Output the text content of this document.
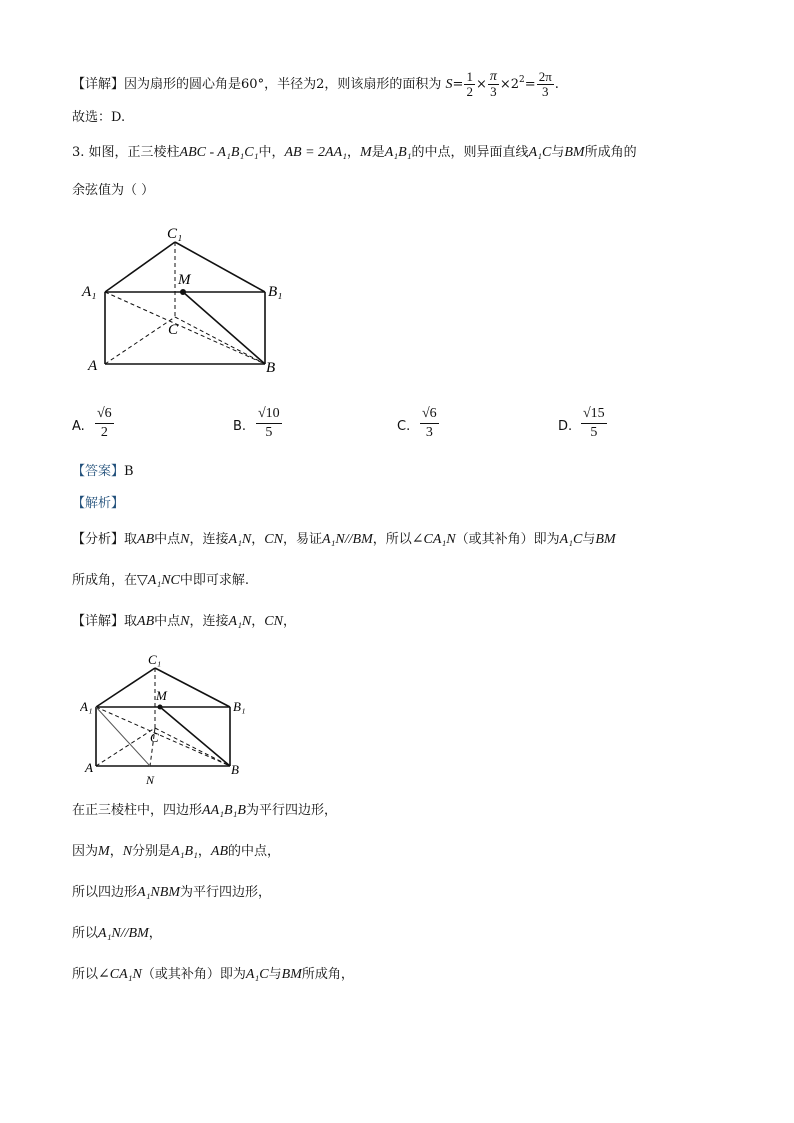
【详解】因为扇形的圆心角是60°，半径为2，则该扇形的面积为 $S= \frac{1}{2} \times \frac{\pi}{3} \times 2^2= \frac{2\pi}{3}$ .
故选：D.
3. 如图，正三棱柱ABC - A₁B₁C₁中，AB = 2AA₁，M是A₁B₁的中点，则异面直线A₁C与BM所成角的
余弦值为（ ）
C₁
A₁	B₁
M
C
A	B
A. $\frac{√6}{2}$	B. $\frac{√10}{5}$	C. $\frac{√6}{3}$	D. $\frac{√15}{5}$
【答案】B
【解析】
【分析】取AB中点N，连接A₁N，CN，易证A₁N//BM，所以∠CA₁N（或其补角）即为A₁C与BM
所成角，在▽A₁NC中即可求解.
【详解】取AB中点N，连接A₁N，CN，
C₁
A₁	B₁
M
C
A	B
N
在正三棱柱中，四边形AA₁B₁B为平行四边形，
因为M，N分别是A₁B₁，AB的中点，
所以四边形A₁NBM为平行四边形，
所以A₁N//BM，
所以∠CA₁N（或其补角）即为A₁C与BM所成角，
